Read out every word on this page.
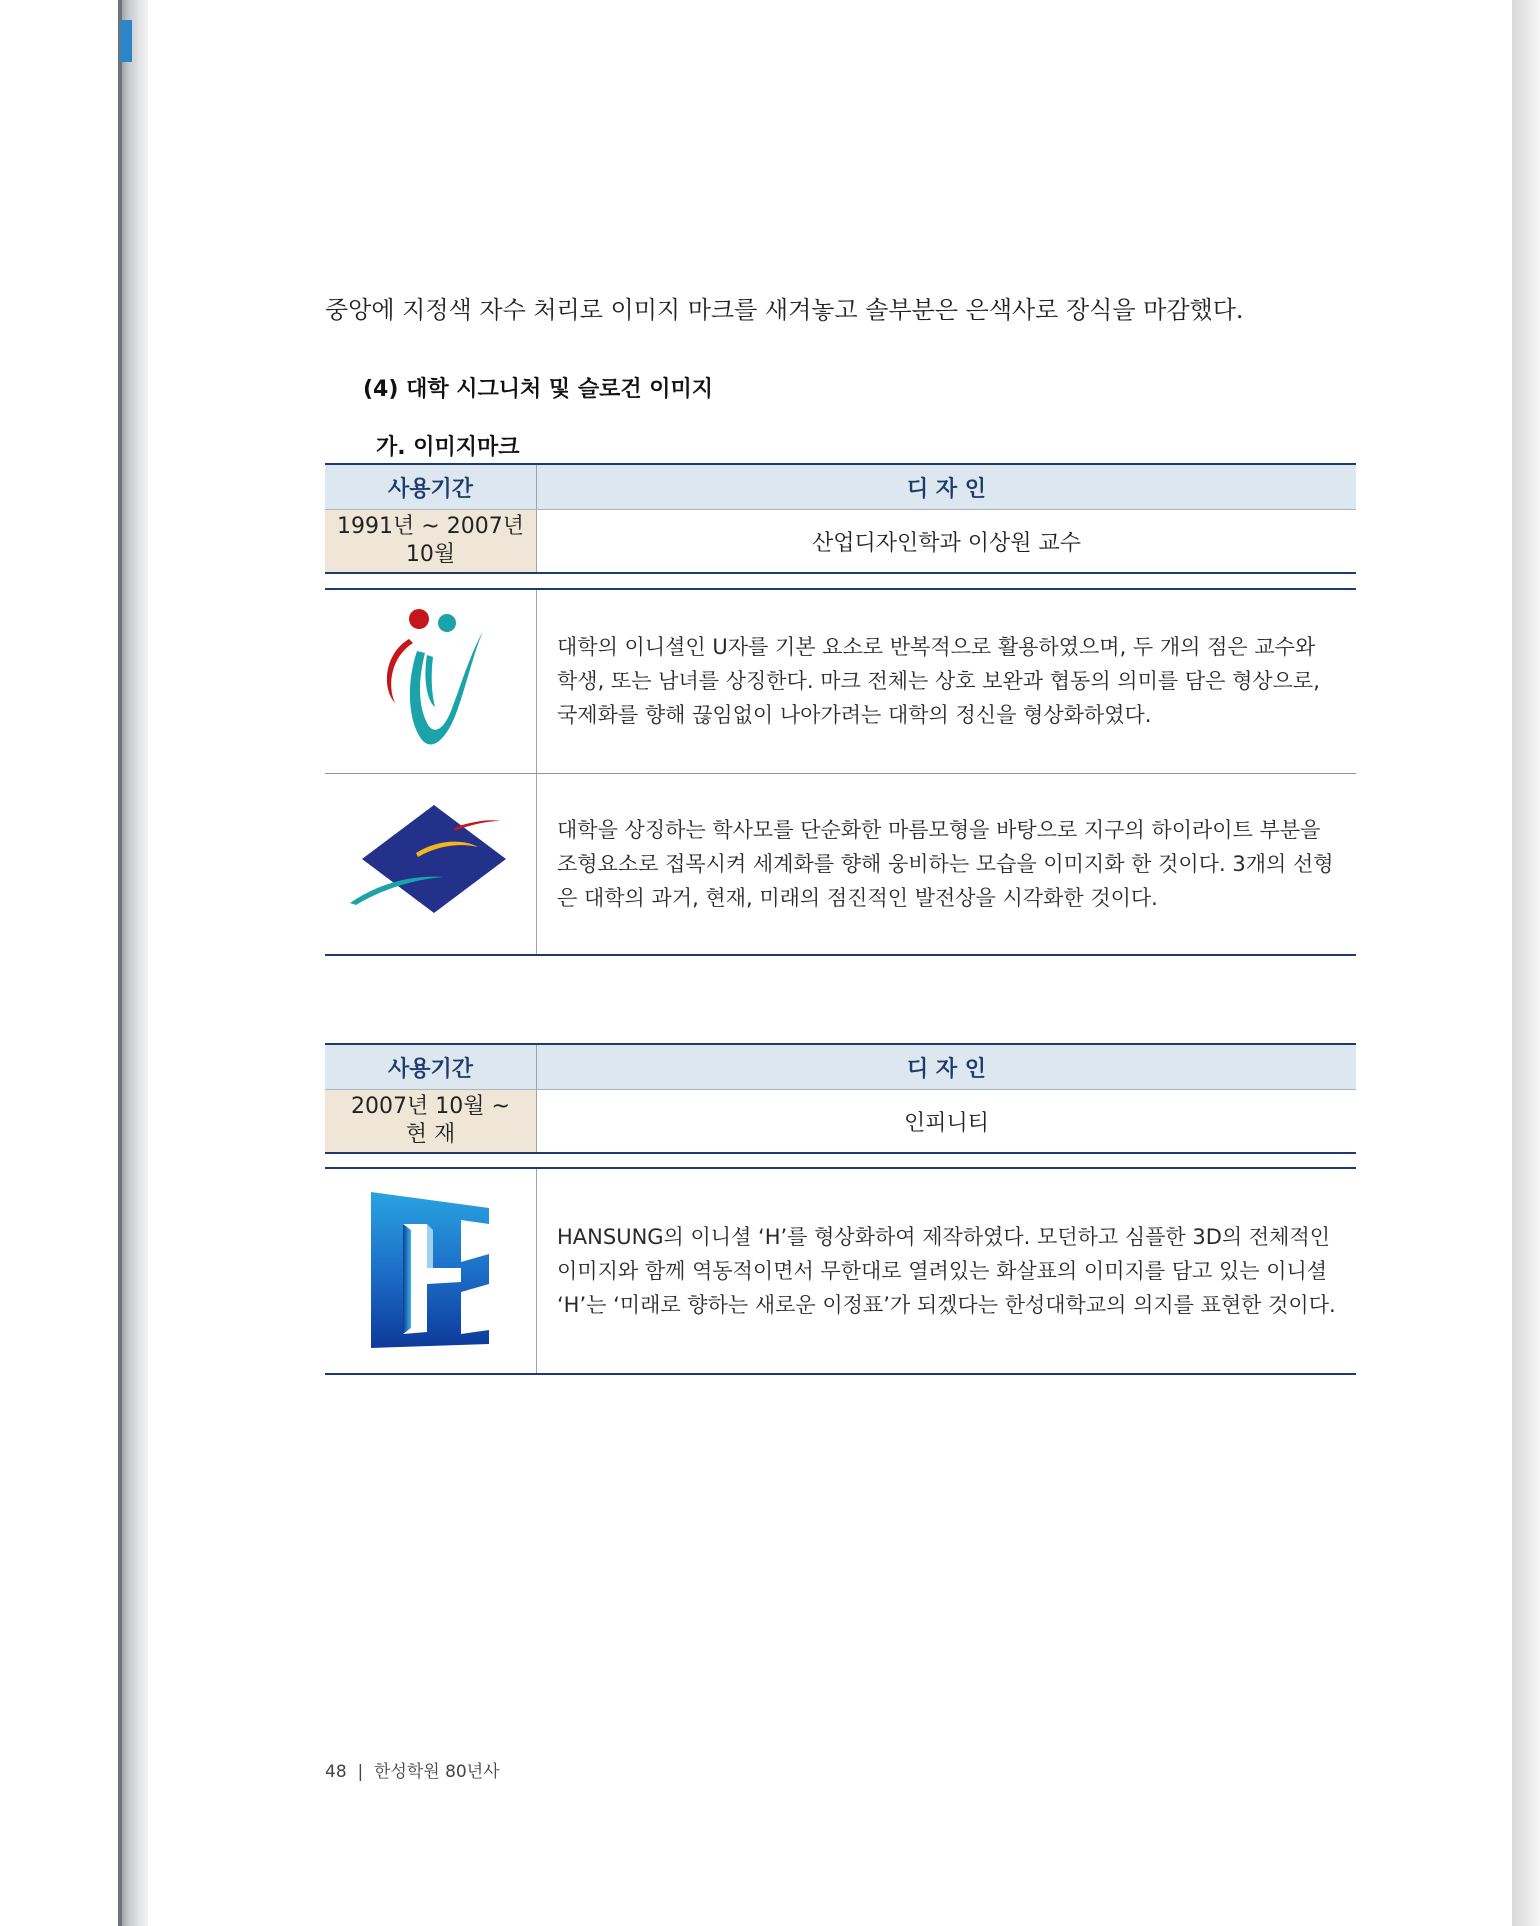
중앙에 지정색 자수 처리로 이미지 마크를 새겨놓고 솔부분은 은색사로 장식을 마감했다.
(4) 대학 시그니처 및 슬로건 이미지
가. 이미지마크
사용기간	디 자 인
1991년 ~ 2007년
10월	산업디자인학과 이상원 교수
	대학의 이니셜인 U자를 기본 요소로 반복적으로 활용하였으며, 두 개의 점은 교수와 학생, 또는 남녀를 상징한다. 마크 전체는 상호 보완과 협동의 의미를 담은 형상으로, 국제화를 향해 끊임없이 나아가려는 대학의 정신을 형상화하였다.
	대학을 상징하는 학사모를 단순화한 마름모형을 바탕으로 지구의 하이라이트 부분을 조형요소로 접목시켜 세계화를 향해 웅비하는 모습을 이미지화 한 것이다. 3개의 선형은 대학의 과거, 현재, 미래의 점진적인 발전상을 시각화한 것이다.
사용기간	디 자 인
2007년 10월 ~
현 재	인피니티
	HANSUNG의 이니셜 ‘H’를 형상화하여 제작하였다. 모던하고 심플한 3D의 전체적인 이미지와 함께 역동적이면서 무한대로 열려있는 화살표의 이미지를 담고 있는 이니셜 ‘H’는 ‘미래로 향하는 새로운 이정표’가 되겠다는 한성대학교의 의지를 표현한 것이다.
48 | 한성학원 80년사
